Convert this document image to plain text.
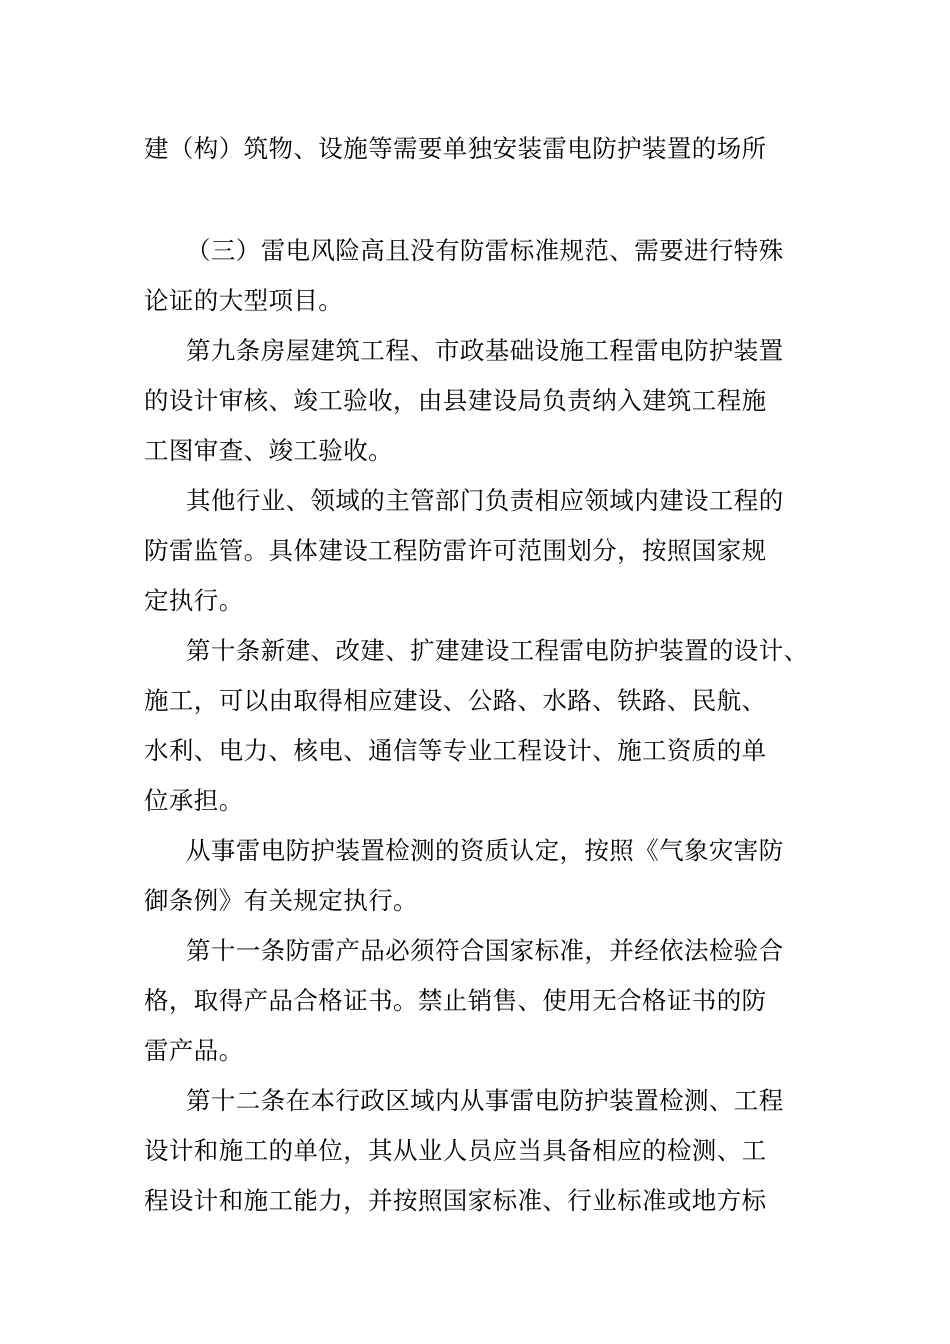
建（构）筑物、设施等需要单独安装雷电防护装置的场所
（三）雷电风险高且没有防雷标准规范、需要进行特殊
论证的大型项目。
第九条房屋建筑工程、市政基础设施工程雷电防护装置
的设计审核、竣工验收，由县建设局负责纳入建筑工程施
工图审查、竣工验收。
其他行业、领域的主管部门负责相应领域内建设工程的
防雷监管。具体建设工程防雷许可范围划分，按照国家规
定执行。
第十条新建、改建、扩建建设工程雷电防护装置的设计、
施工，可以由取得相应建设、公路、水路、铁路、民航、
水利、电力、核电、通信等专业工程设计、施工资质的单
位承担。
从事雷电防护装置检测的资质认定，按照《气象灾害防
御条例》有关规定执行。
第十一条防雷产品必须符合国家标准，并经依法检验合
格，取得产品合格证书。禁止销售、使用无合格证书的防
雷产品。
第十二条在本行政区域内从事雷电防护装置检测、工程
设计和施工的单位，其从业人员应当具备相应的检测、工
程设计和施工能力，并按照国家标准、行业标准或地方标
